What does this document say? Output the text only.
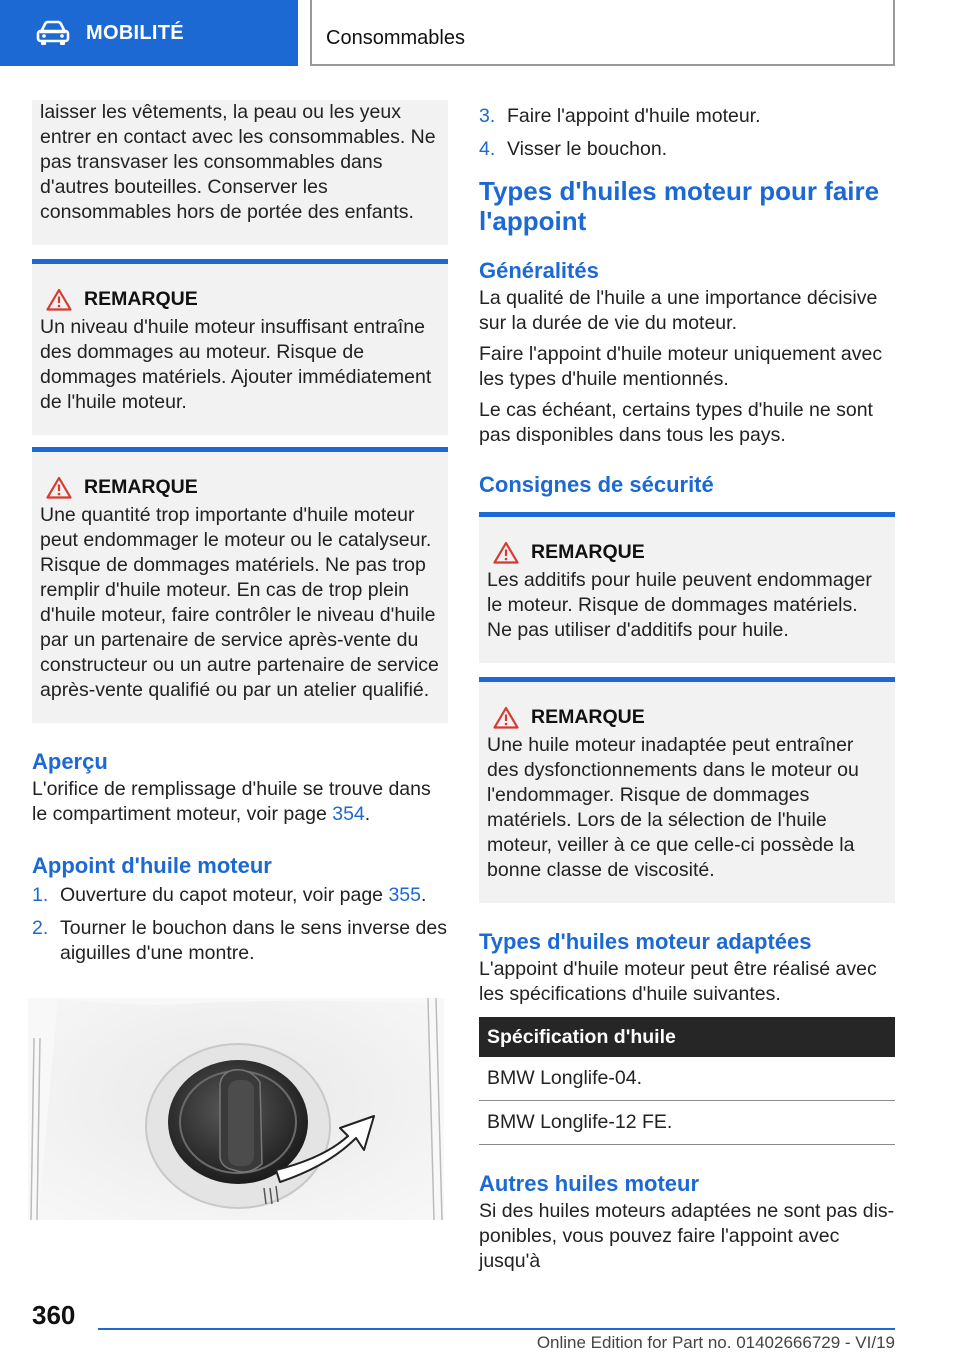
MOBILITÉ	Consommables

laisser les vêtements, la peau ou les yeux entrer en contact avec les consommables. Ne pas transvaser les consommables dans d'autres bouteilles. Conserver les consommables hors de portée des enfants.

REMARQUE

Un niveau d'huile moteur insuffisant entraîne des dommages au moteur. Risque de dommages matériels. Ajouter immédiatement de l'huile moteur.

REMARQUE

Une quantité trop importante d'huile moteur peut endommager le moteur ou le catalyseur. Risque de dommages matériels. Ne pas trop remplir d'huile moteur. En cas de trop plein d'huile moteur, faire contrôler le niveau d'huile par un partenaire de service après-vente du constructeur ou un autre partenaire de service après-vente qualifié ou par un atelier qualifié.

Aperçu

L'orifice de remplissage d'huile se trouve dans le compartiment moteur, voir page 354.

Appoint d'huile moteur
1. Ouverture du capot moteur, voir page 355.
2. Tourner le bouchon dans le sens inverse des aiguilles d'une montre.
3. Faire l'appoint d'huile moteur.
4. Visser le bouchon.
Types d'huiles moteur pour faire l'appoint
Généralités

La qualité de l'huile a une importance décisive sur la durée de vie du moteur.

Faire l'appoint d'huile moteur uniquement avec les types d'huile mentionnés.

Le cas échéant, certains types d'huile ne sont pas disponibles dans tous les pays.

Consignes de sécurité
REMARQUE

Les additifs pour huile peuvent endommager le moteur. Risque de dommages matériels. Ne pas utiliser d'additifs pour huile.

REMARQUE

Une huile moteur inadaptée peut entraîner des dysfonctionnements dans le moteur ou l'endommager. Risque de dommages matériels. Lors de la sélection de l'huile moteur, veiller à ce que celle-ci possède la bonne classe de viscosité.

Types d'huiles moteur adaptées

L'appoint d'huile moteur peut être réalisé avec les spécifications d'huile suivantes.

Spécification d'huile
BMW Longlife-04.
BMW Longlife-12 FE.
Autres huiles moteur

Si des huiles moteurs adaptées ne sont pas disponibles, vous pouvez faire l'appoint avec jusqu'à

360
Online Edition for Part no. 01402666729 - VI/19
